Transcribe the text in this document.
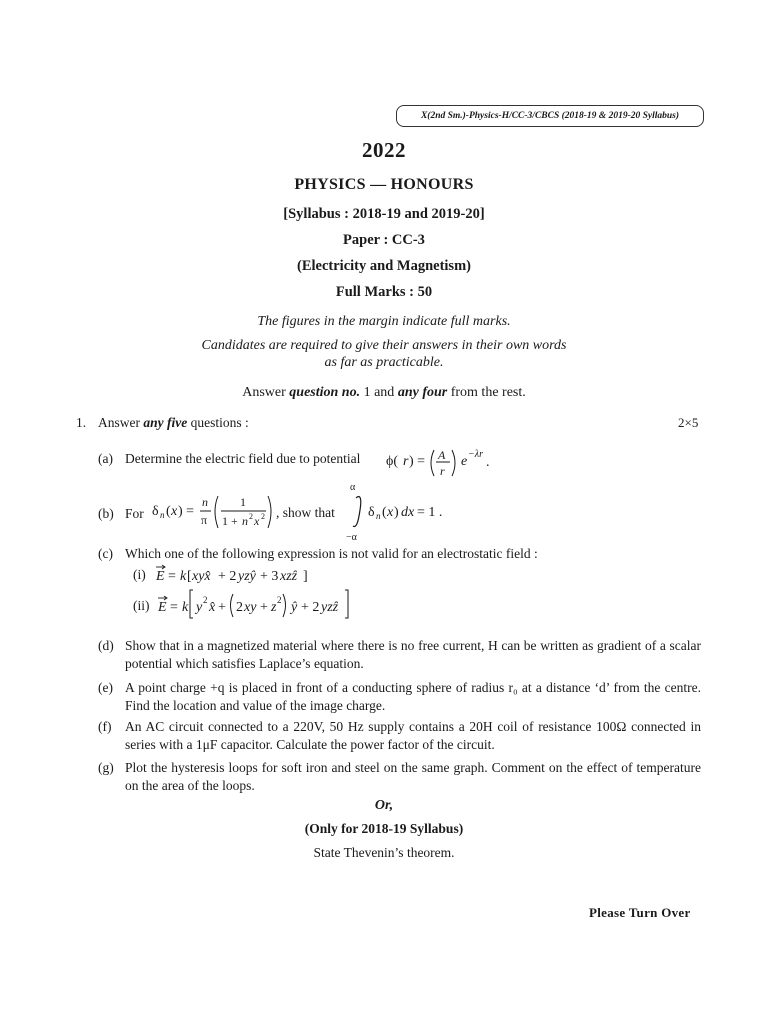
X(2nd Sm.)-Physics-H/CC-3/CBCS (2018-19 & 2019-20 Syllabus)
2022
PHYSICS — HONOURS
[Syllabus : 2018-19 and 2019-20]
Paper : CC-3
(Electricity and Magnetism)
Full Marks : 50
The figures in the margin indicate full marks.
Candidates are required to give their answers in their own words
as far as practicable.
Answer question no. 1 and any four from the rest.
1. Answer any five questions :	2×5
(a) Determine the electric field due to potential ϕ( r ) = A
r
e −λr
.
(b) For δ n ( x ) =
n
π
1
1 + n 2 x 2 , show that
α
−α
δ n ( x ) dx = 1 .
(c) Which one of the following expression is not valid for an electrostatic field :
(i) E = k [ xyx̂ + 2 yzŷ + 3 xzẑ ]
(ii) E = k y 2 x̂ + 2 xy + z 2 ŷ + 2 yzẑ
(d) Show that in a magnetized material where there is no free current, H can be written as gradient of a scalar potential which satisfies Laplace’s equation.
(e) A point charge +q is placed in front of a conducting sphere of radius r₀ at a distance ‘d’ from the centre. Find the location and value of the image charge.
(f) An AC circuit connected to a 220V, 50 Hz supply contains a 20H coil of resistance 100Ω connected in series with a 1μF capacitor. Calculate the power factor of the circuit.
(g) Plot the hysteresis loops for soft iron and steel on the same graph. Comment on the effect of temperature on the area of the loops.
Or,
(Only for 2018-19 Syllabus)
State Thevenin’s theorem.
Please Turn Over
